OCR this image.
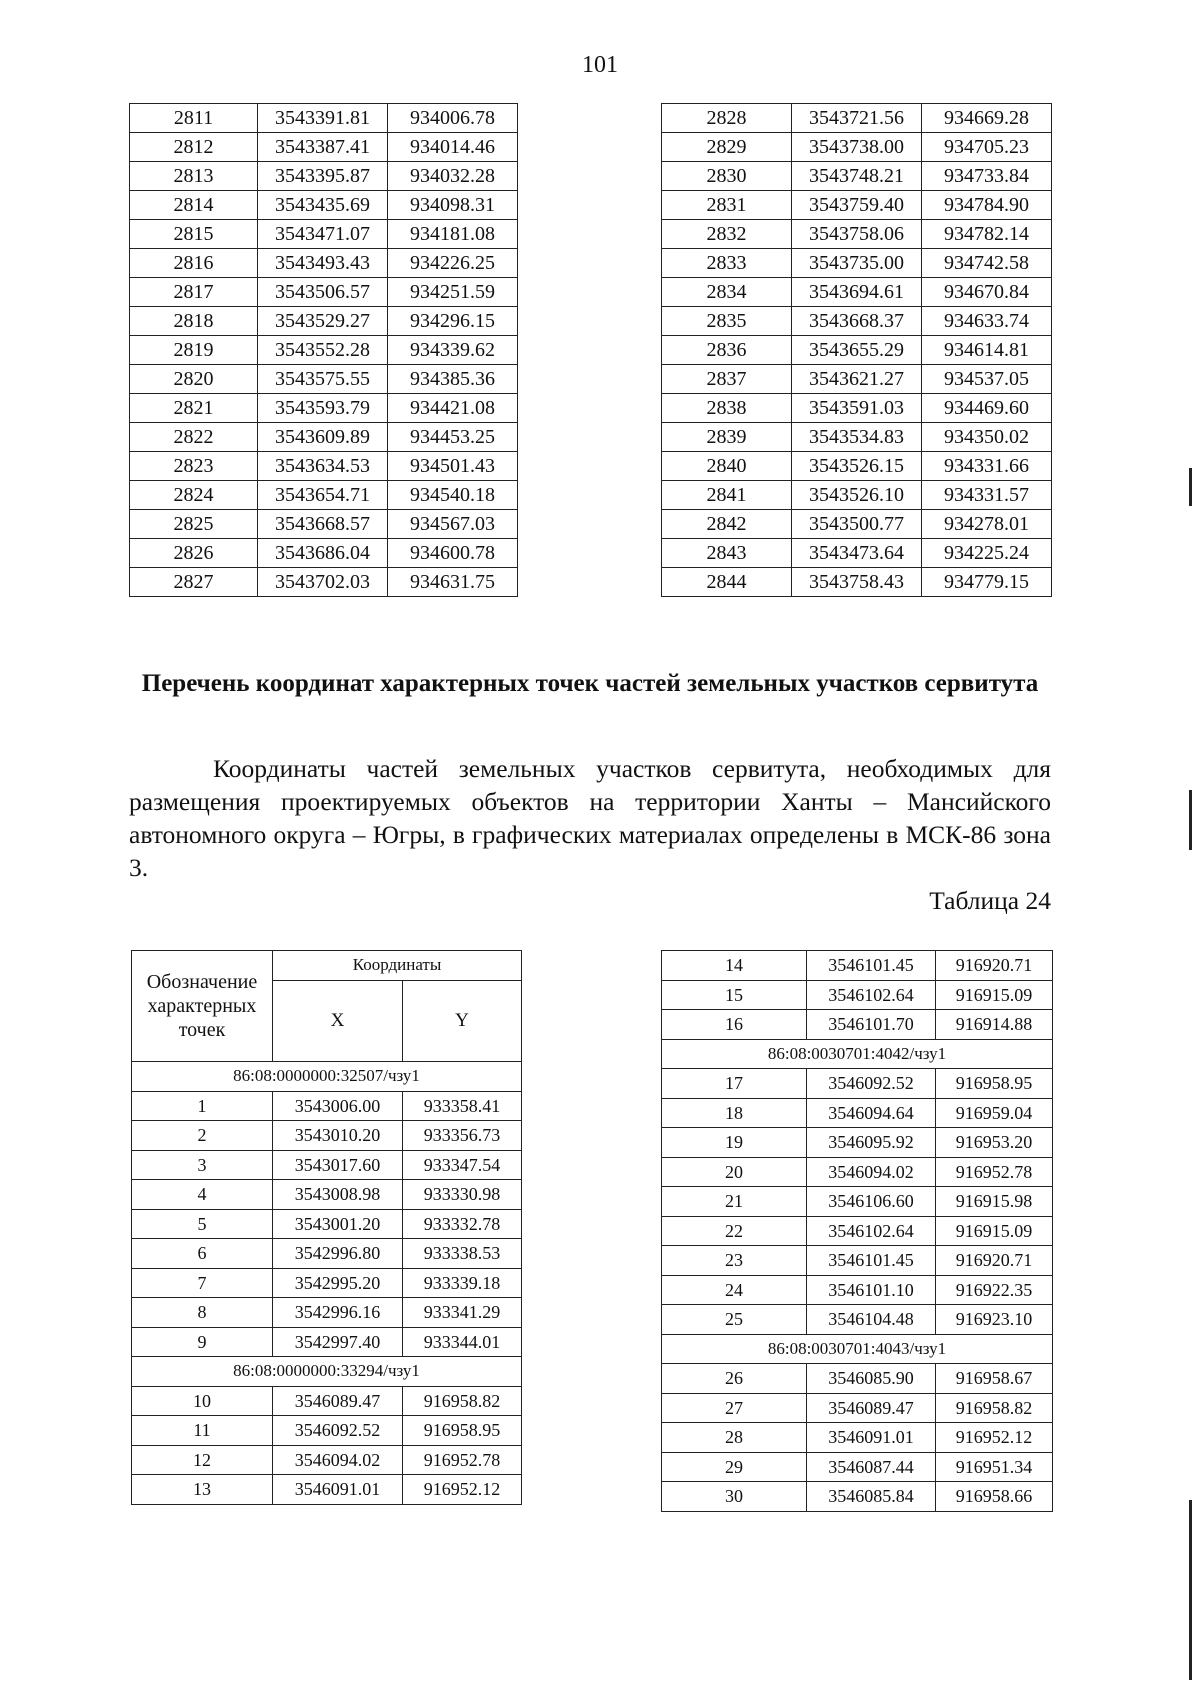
101
2811	3543391.81	934006.78
2812	3543387.41	934014.46
2813	3543395.87	934032.28
2814	3543435.69	934098.31
2815	3543471.07	934181.08
2816	3543493.43	934226.25
2817	3543506.57	934251.59
2818	3543529.27	934296.15
2819	3543552.28	934339.62
2820	3543575.55	934385.36
2821	3543593.79	934421.08
2822	3543609.89	934453.25
2823	3543634.53	934501.43
2824	3543654.71	934540.18
2825	3543668.57	934567.03
2826	3543686.04	934600.78
2827	3543702.03	934631.75
2828	3543721.56	934669.28
2829	3543738.00	934705.23
2830	3543748.21	934733.84
2831	3543759.40	934784.90
2832	3543758.06	934782.14
2833	3543735.00	934742.58
2834	3543694.61	934670.84
2835	3543668.37	934633.74
2836	3543655.29	934614.81
2837	3543621.27	934537.05
2838	3543591.03	934469.60
2839	3543534.83	934350.02
2840	3543526.15	934331.66
2841	3543526.10	934331.57
2842	3543500.77	934278.01
2843	3543473.64	934225.24
2844	3543758.43	934779.15
Перечень координат характерных точек частей земельных участков сервитута
Координаты частей земельных участков сервитута, необходимых для размещения проектируемых объектов на территории Ханты – Мансийского автономного округа – Югры, в графических материалах определены в МСК-86 зона 3.
Таблица 24
Обозначение характерных точек	Координаты	
	X	Y
86:08:0000000:32507/чзу1		
1	3543006.00	933358.41
2	3543010.20	933356.73
3	3543017.60	933347.54
4	3543008.98	933330.98
5	3543001.20	933332.78
6	3542996.80	933338.53
7	3542995.20	933339.18
8	3542996.16	933341.29
9	3542997.40	933344.01
86:08:0000000:33294/чзу1		
10	3546089.47	916958.82
11	3546092.52	916958.95
12	3546094.02	916952.78
13	3546091.01	916952.12
14	3546101.45	916920.71
15	3546102.64	916915.09
16	3546101.70	916914.88
86:08:0030701:4042/чзу1		
17	3546092.52	916958.95
18	3546094.64	916959.04
19	3546095.92	916953.20
20	3546094.02	916952.78
21	3546106.60	916915.98
22	3546102.64	916915.09
23	3546101.45	916920.71
24	3546101.10	916922.35
25	3546104.48	916923.10
86:08:0030701:4043/чзу1		
26	3546085.90	916958.67
27	3546089.47	916958.82
28	3546091.01	916952.12
29	3546087.44	916951.34
30	3546085.84	916958.66
